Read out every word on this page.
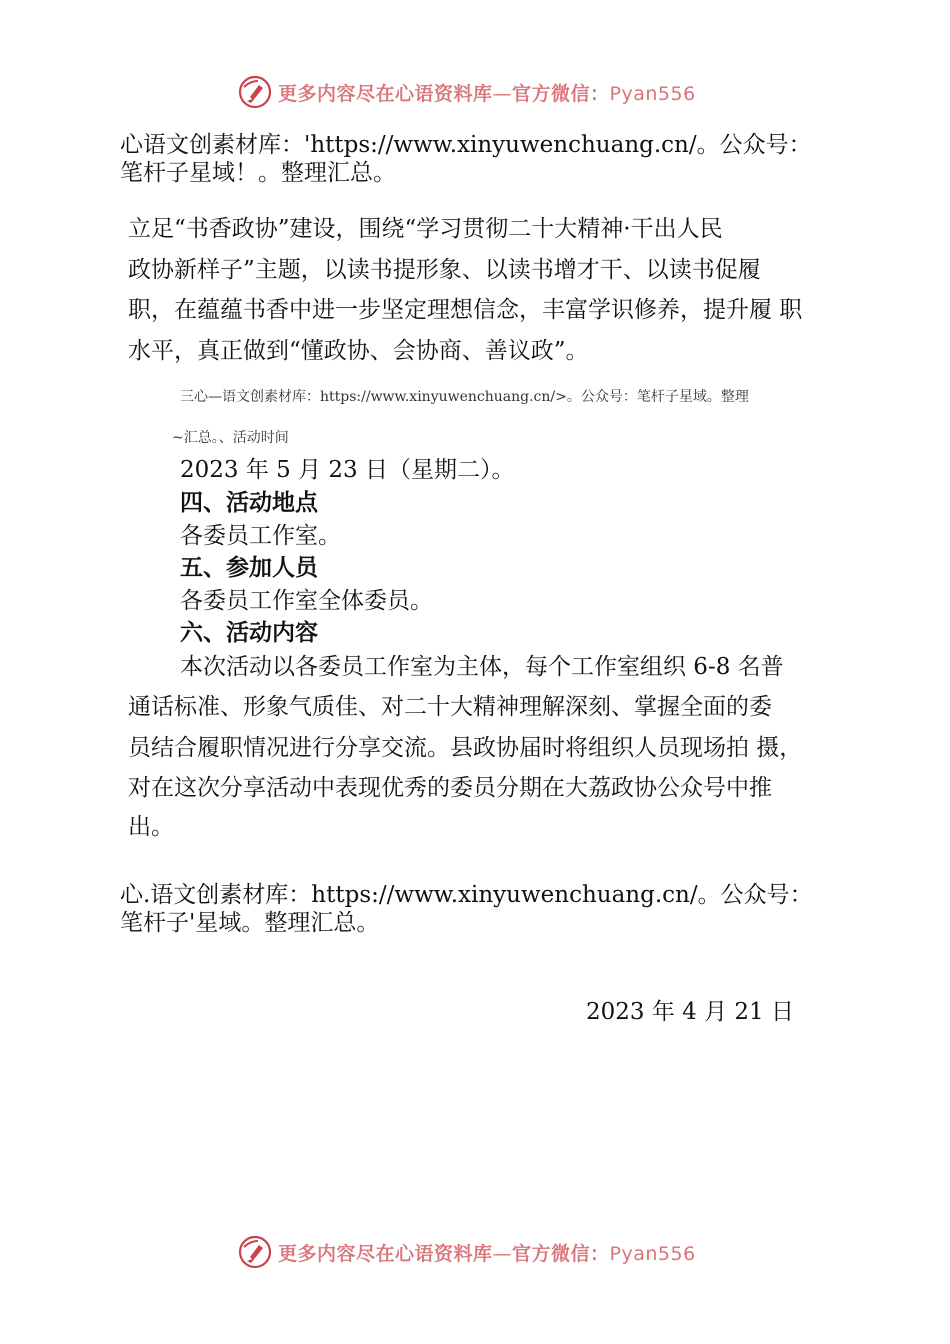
更多内容尽在心语资料库—官方微信：Pyan556
心语文创素材库：'https://www.xinyuwenchuang.cn/。公众号：
笔杆子星域！。整理汇总。
立足“书香政协”建设，围绕“学习贯彻二十大精神·干出人民
政协新样子”主题，以读书提形象、以读书增才干、以读书促履
职，在蕴蕴书香中进一步坚定理想信念，丰富学识修养，提升履 职
水平，真正做到“懂政协、会协商、善议政”。
三心—语文创素材库：https://www.xinyuwenchuang.cn/>。公众号：笔杆子星域。整理
~汇总。、活动时间
2023 年 5 月 23 日（星期二）。
四、活动地点
各委员工作室。
五、参加人员
各委员工作室全体委员。
六、活动内容
本次活动以各委员工作室为主体，每个工作室组织 6-8 名普
通话标准、形象气质佳、对二十大精神理解深刻、掌握全面的委
员结合履职情况进行分享交流。县政协届时将组织人员现场拍 摄，
对在这次分享活动中表现优秀的委员分期在大荔政协公众号中推
出。
心.语文创素材库：https://www.xinyuwenchuang.cn/。公众号：
笔杆子'星域。整理汇总。
2023 年 4 月 21 日
更多内容尽在心语资料库—官方微信：Pyan556
